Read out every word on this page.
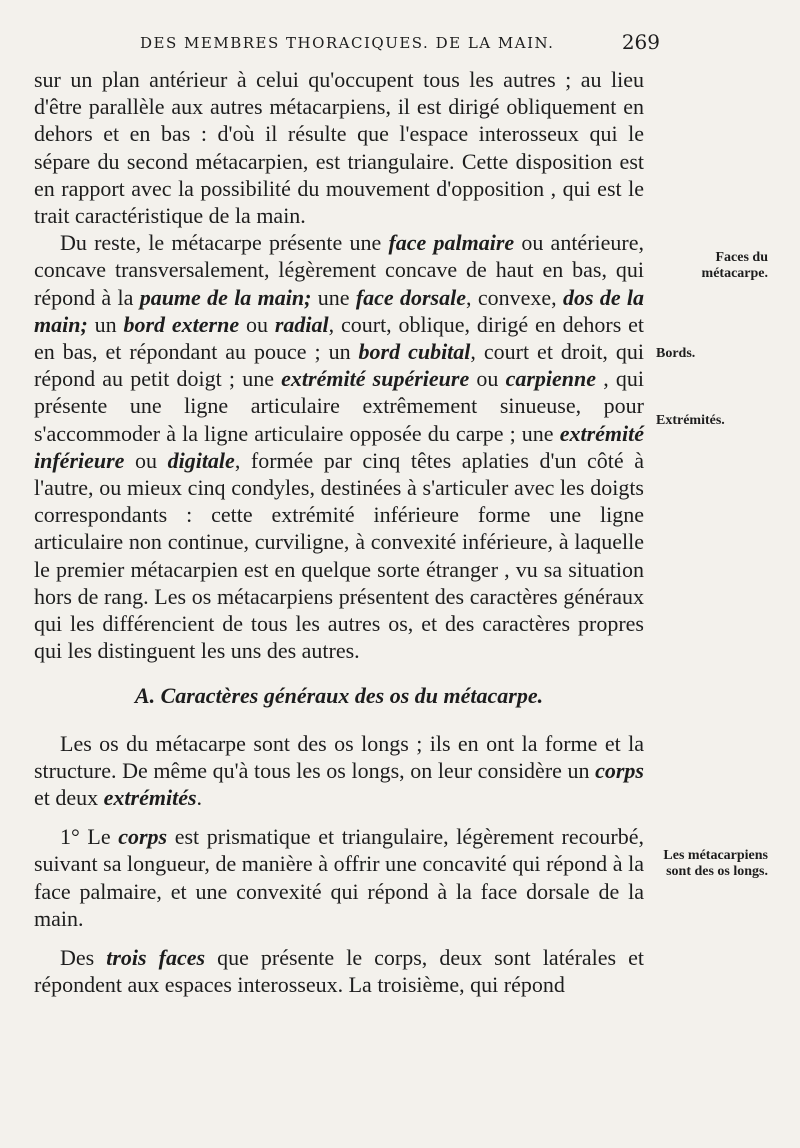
DES MEMBRES THORACIQUES. DE LA MAIN.	269

sur un plan antérieur à celui qu'occupent tous les autres ; au lieu d'être parallèle aux autres métacarpiens, il est dirigé obliquement en dehors et en bas : d'où il résulte que l'espace interosseux qui le sépare du second métacarpien, est triangulaire. Cette disposition est en rapport avec la possibilité du mouvement d'opposition , qui est le trait caractéristique de la main.

Du reste, le métacarpe présente une face palmaire ou antérieure, concave transversalement, légèrement concave de haut en bas, qui répond à la paume de la main; une face dorsale, convexe, dos de la main; un bord externe ou radial, court, oblique, dirigé en dehors et en bas, et répondant au pouce ; un bord cubital, court et droit, qui répond au petit doigt ; une extrémité supérieure ou carpienne , qui présente une ligne articulaire extrêmement sinueuse, pour s'accommoder à la ligne articulaire opposée du carpe ; une extrémité inférieure ou digitale, formée par cinq têtes aplaties d'un côté à l'autre, ou mieux cinq condyles, destinées à s'articuler avec les doigts correspondants : cette extrémité inférieure forme une ligne articulaire non continue, curviligne, à convexité inférieure, à laquelle le premier métacarpien est en quelque sorte étranger , vu sa situation hors de rang. Les os métacarpiens présentent des caractères généraux qui les différencient de tous les autres os, et des caractères propres qui les distinguent les uns des autres.

A. Caractères généraux des os du métacarpe.

Les os du métacarpe sont des os longs ; ils en ont la forme et la structure. De même qu'à tous les os longs, on leur considère un corps et deux extrémités.

1° Le corps est prismatique et triangulaire, légèrement recourbé, suivant sa longueur, de manière à offrir une concavité qui répond à la face palmaire, et une convexité qui répond à la face dorsale de la main.

Des trois faces que présente le corps, deux sont latérales et répondent aux espaces interosseux. La troisième, qui répond

Faces du métacarpe.
Bords.
Extrémités.
Les métacarpiens sont des os longs.
